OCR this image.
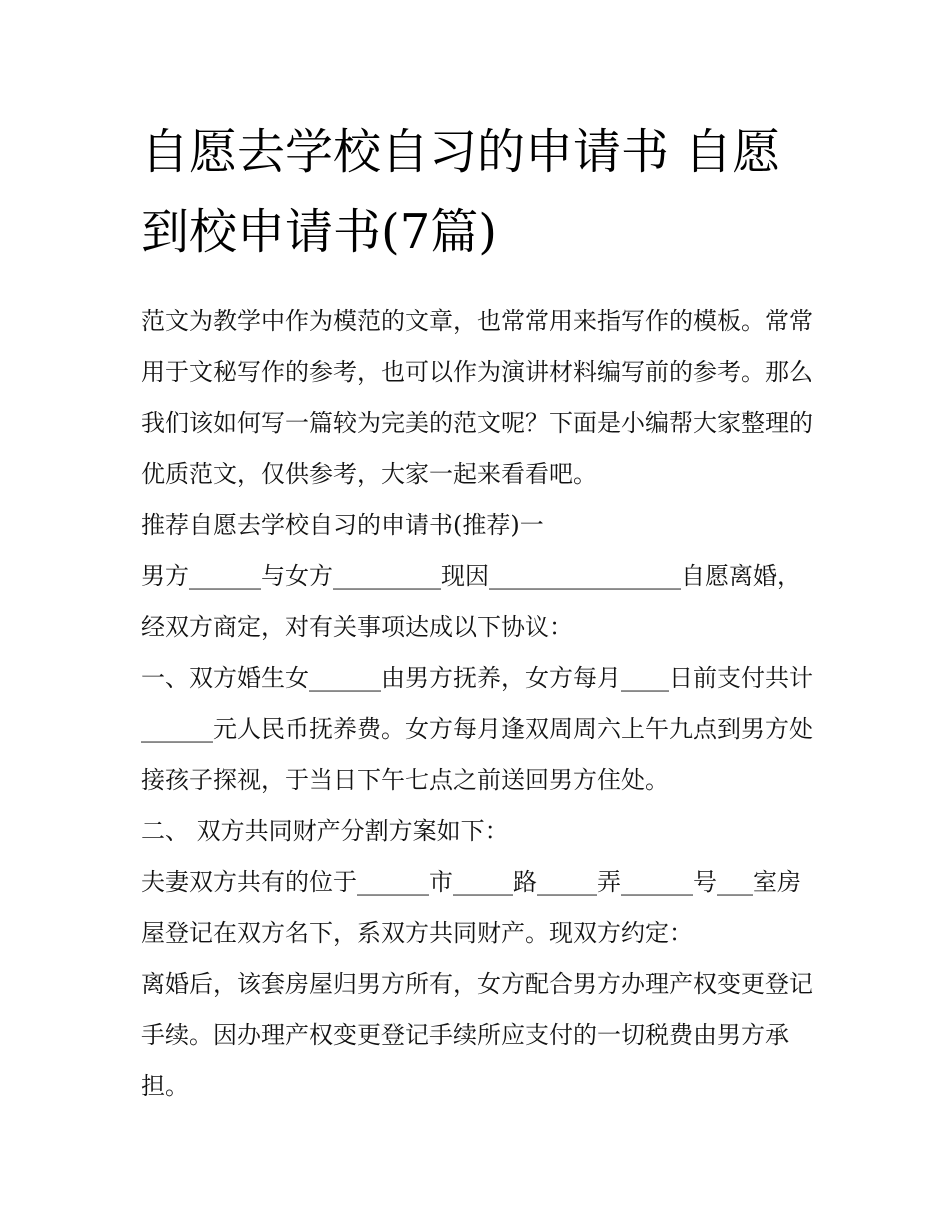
自愿去学校自习的申请书 自愿到校申请书(7篇)

范文为教学中作为模范的文章，也常常用来指写作的模板。常常用于文秘写作的参考，也可以作为演讲材料编写前的参考。那么我们该如何写一篇较为完美的范文呢？下面是小编帮大家整理的优质范文，仅供参考，大家一起来看看吧。

推荐自愿去学校自习的申请书(推荐)一

男方______与女方_________现因________________自愿离婚，经双方商定，对有关事项达成以下协议：

一、双方婚生女______由男方抚养，女方每月____日前支付共计______元人民币抚养费。女方每月逢双周周六上午九点到男方处接孩子探视，于当日下午七点之前送回男方住处。

二、 双方共同财产分割方案如下：

夫妻双方共有的位于______市_____路_____弄______号___室房屋登记在双方名下，系双方共同财产。现双方约定：

离婚后，该套房屋归男方所有，女方配合男方办理产权变更登记手续。因办理产权变更登记手续所应支付的一切税费由男方承担。
